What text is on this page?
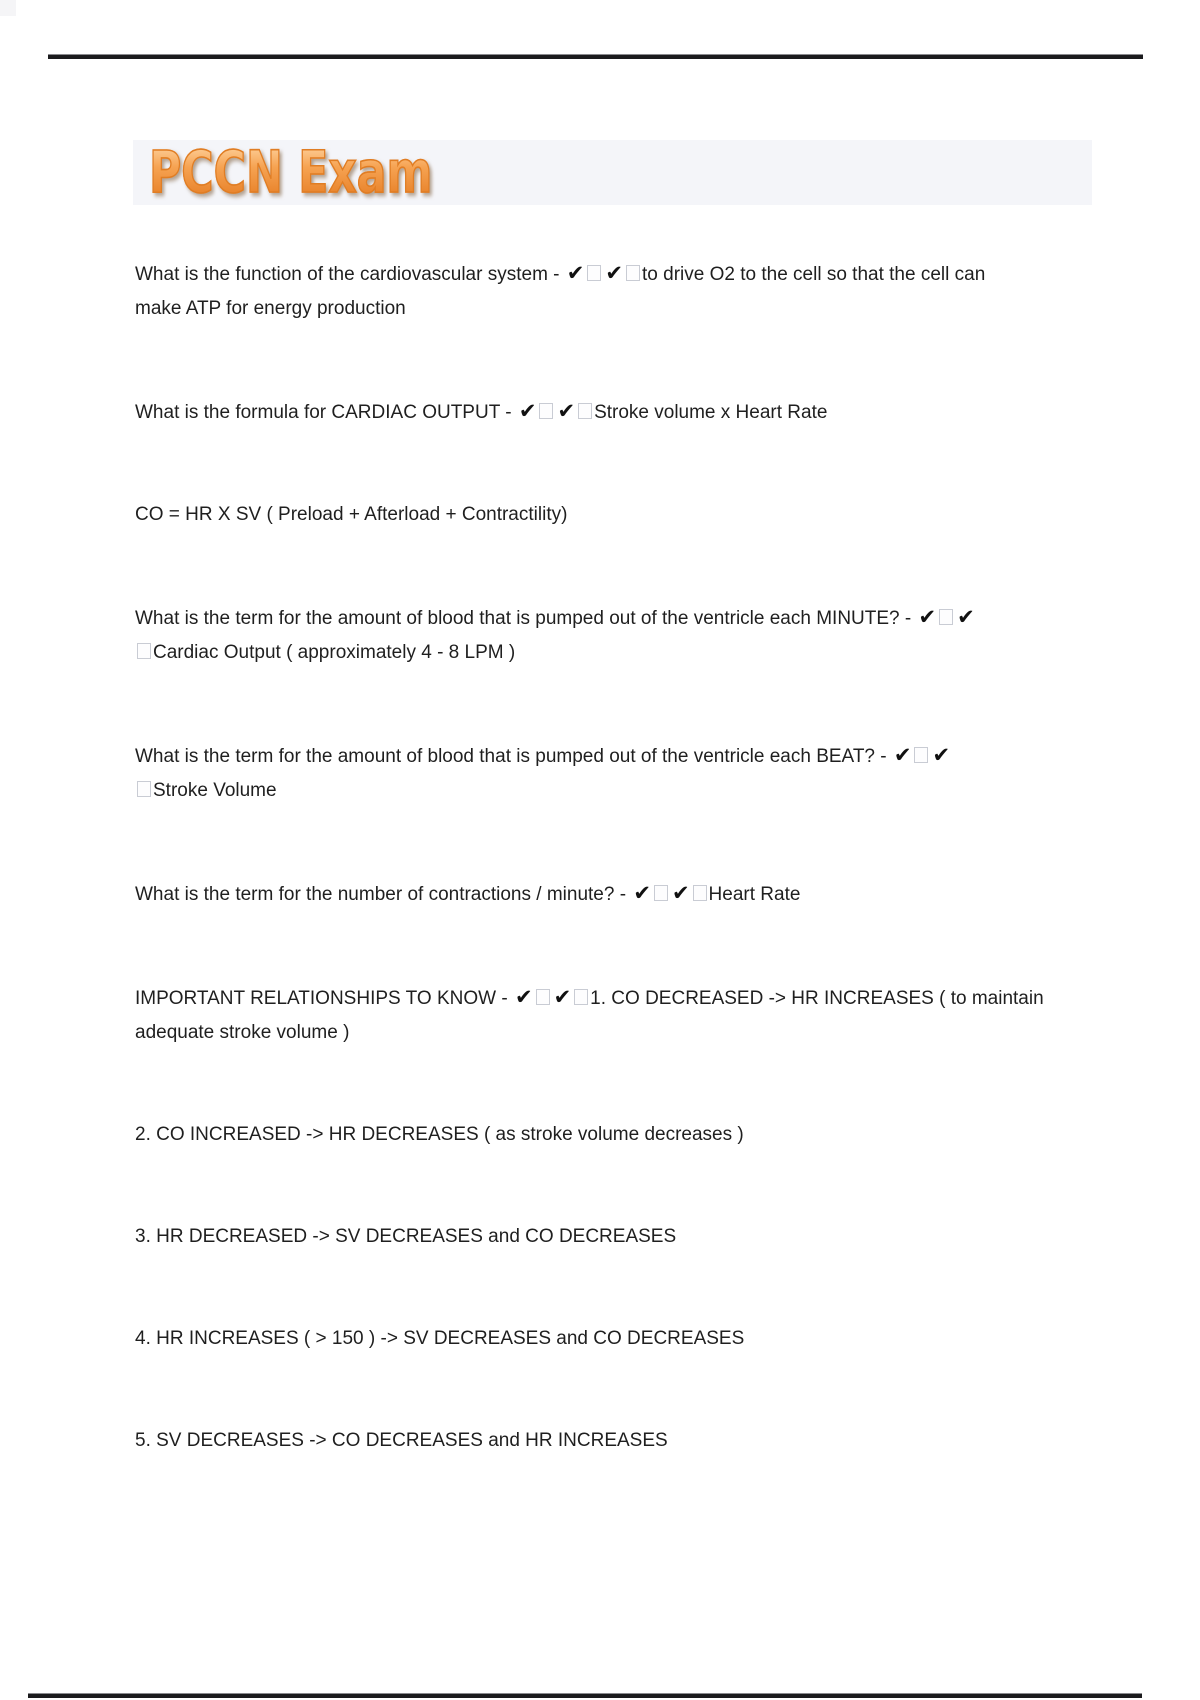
PCCN Exam

What is the function of the cardiovascular system - ✔ ✔ to drive O2 to the cell so that the cell can
make ATP for energy production

What is the formula for CARDIAC OUTPUT - ✔ ✔ Stroke volume x Heart Rate

CO = HR X SV ( Preload + Afterload + Contractility)

What is the term for the amount of blood that is pumped out of the ventricle each MINUTE? - ✔ ✔
Cardiac Output ( approximately 4 - 8 LPM )

What is the term for the amount of blood that is pumped out of the ventricle each BEAT? - ✔ ✔
Stroke Volume

What is the term for the number of contractions / minute? - ✔ ✔ Heart Rate

IMPORTANT RELATIONSHIPS TO KNOW - ✔ ✔ 1. CO DECREASED -> HR INCREASES ( to maintain
adequate stroke volume )

2. CO INCREASED -> HR DECREASES ( as stroke volume decreases )

3. HR DECREASED -> SV DECREASES and CO DECREASES

4. HR INCREASES ( > 150 ) -> SV DECREASES and CO DECREASES

5. SV DECREASES -> CO DECREASES and HR INCREASES
